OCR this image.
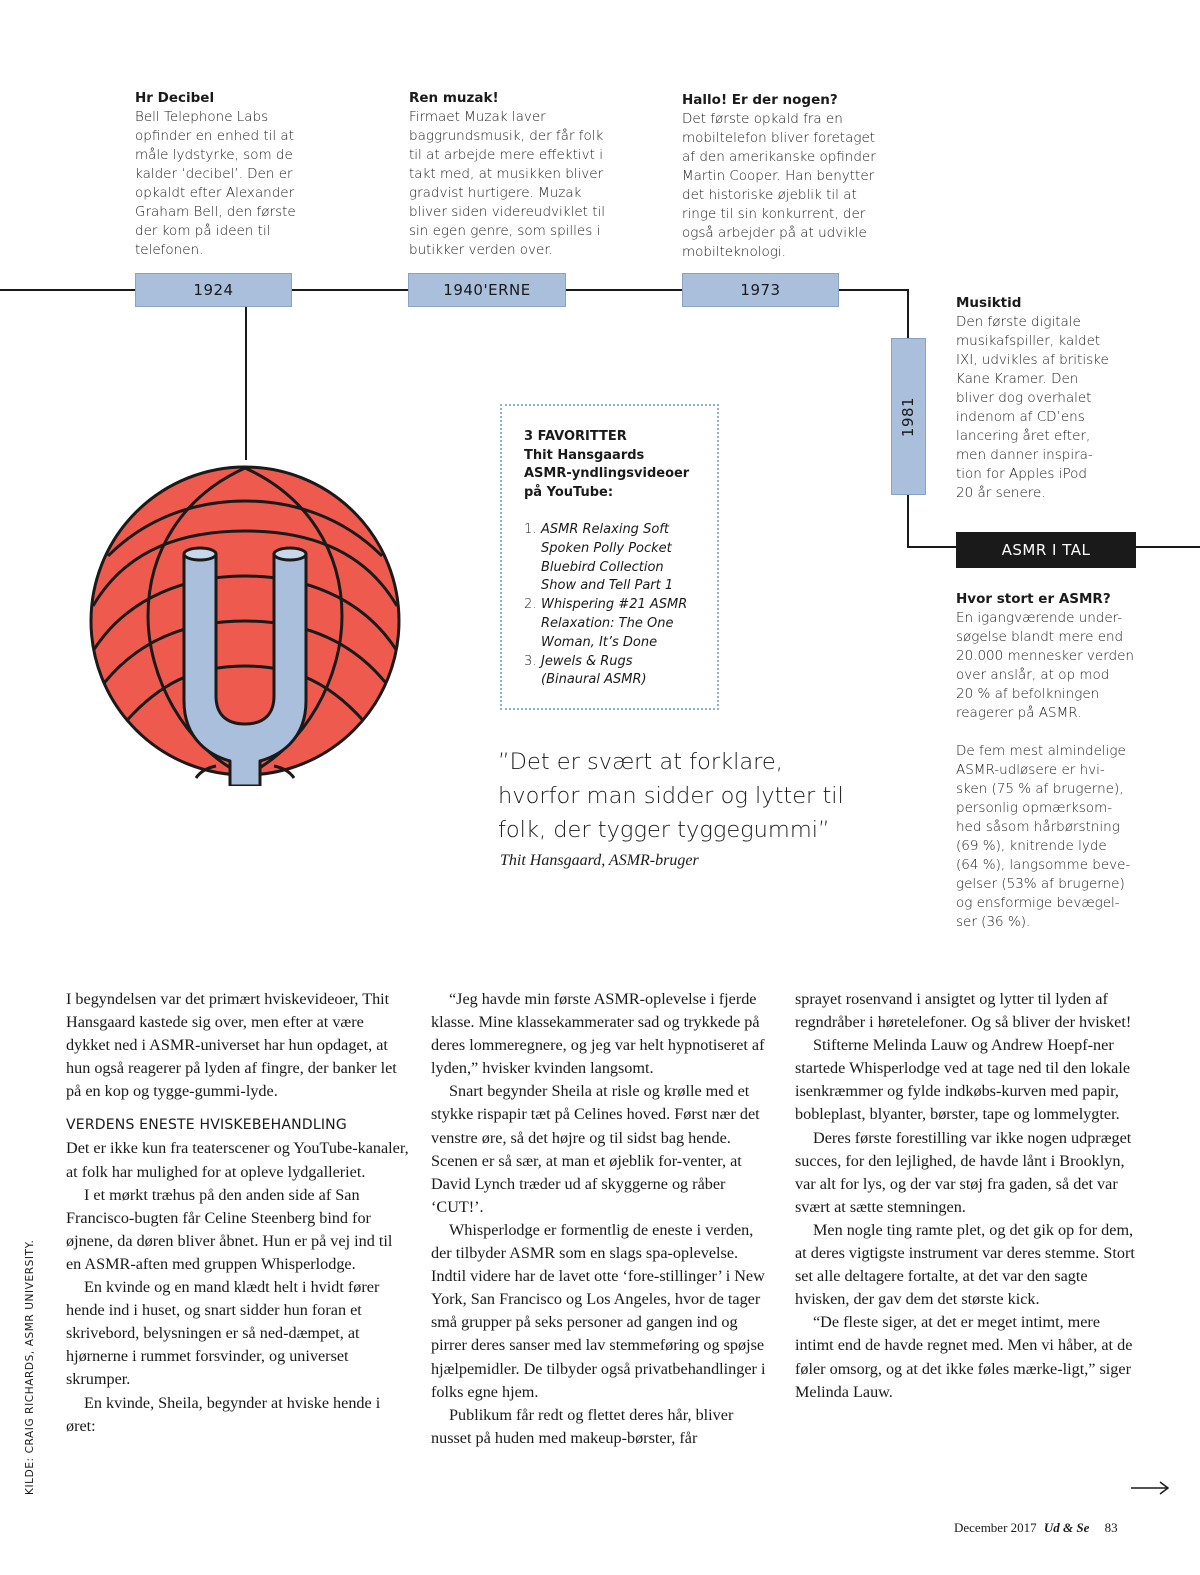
Hr Decibel

Bell Telephone Labs

opfinder en enhed til at

måle lydstyrke, som de

kalder ‘decibel’. Den er

opkaldt efter Alexander

Graham Bell, den første

der kom på ideen til

telefonen.

1924
Ren muzak!

Firmaet Muzak laver

baggrundsmusik, der får folk

til at arbejde mere effektivt i

takt med, at musikken bliver

gradvist hurtigere. Muzak

bliver siden videreudviklet til

sin egen genre, som spilles i

butikker verden over.

1940'ERNE
Hallo! Er der nogen?

Det første opkald fra en

mobiltelefon bliver foretaget

af den amerikanske opfinder

Martin Cooper. Han benytter

det historiske øjeblik til at

ringe til sin konkurrent, der

også arbejder på at udvikle

mobilteknologi.

1973
1981
Musiktid

Den første digitale

musikafspiller, kaldet

IXI, udvikles af britiske

Kane Kramer. Den

bliver dog overhalet

indenom af CD’ens

lancering året efter,

men danner inspira-

tion for Apples iPod

20 år senere.

ASMR I TAL
Hvor stort er ASMR?

En igangværende under-

søgelse blandt mere end

20.000 mennesker verden

over anslår, at op mod

20 % af befolkningen

reagerer på ASMR.

De fem mest almindelige

ASMR-udløsere er hvi-

sken (75 % af brugerne),

personlig opmærksom-

hed såsom hårbørstning

(69 %), knitrende lyde

(64 %), langsomme beve-

gelser (53% af brugerne)

og ensformige bevægel-

ser (36 %).

3 FAVORITTER
Thit Hansgaards
ASMR-yndlingsvideoer
på YouTube:
1. ASMR Relaxing Soft
Spoken Polly Pocket
Bluebird Collection
Show and Tell Part 1
2. Whispering #21 ASMR
Relaxation: The One
Woman, It’s Done
3. Jewels & Rugs
(Binaural ASMR)
”Det er svært at forklare,
hvorfor man sidder og lytter til
folk, der tygger tyggegummi”
Thit Hansgaard, ASMR-bruger

I begyndelsen var det primært hviskevideoer, Thit Hansgaard kastede sig over, men efter at være dykket ned i ASMR-universet har hun opdaget, at hun også reagerer på lyden af fingre, der banker let på en kop og tygge-gummi-lyde.

VERDENS ENESTE HVISKEBEHANDLING

Det er ikke kun fra teaterscener og YouTube-kanaler, at folk har mulighed for at opleve lydgalleriet.

I et mørkt træhus på den anden side af San Francisco-bugten får Celine Steenberg bind for øjnene, da døren bliver åbnet. Hun er på vej ind til en ASMR-aften med gruppen Whisperlodge.

En kvinde og en mand klædt helt i hvidt fører hende ind i huset, og snart sidder hun foran et skrivebord, belysningen er så ned-dæmpet, at hjørnerne i rummet forsvinder, og universet skrumper.

En kvinde, Sheila, begynder at hviske hende i øret:

“Jeg havde min første ASMR-oplevelse i fjerde klasse. Mine klassekammerater sad og trykkede på deres lommeregnere, og jeg var helt hypnotiseret af lyden,” hvisker kvinden langsomt.

Snart begynder Sheila at risle og krølle med et stykke rispapir tæt på Celines hoved. Først nær det venstre øre, så det højre og til sidst bag hende. Scenen er så sær, at man et øjeblik for-venter, at David Lynch træder ud af skyggerne og råber ‘CUT!’.

Whisperlodge er formentlig de eneste i verden, der tilbyder ASMR som en slags spa-oplevelse. Indtil videre har de lavet otte ‘fore-stillinger’ i New York, San Francisco og Los Angeles, hvor de tager små grupper på seks personer ad gangen ind og pirrer deres sanser med lav stemmeføring og spøjse hjælpemidler. De tilbyder også privatbehandlinger i folks egne hjem.

Publikum får redt og flettet deres hår, bliver nusset på huden med makeup-børster, får

sprayet rosenvand i ansigtet og lytter til lyden af regndråber i høretelefoner. Og så bliver der hvisket!

Stifterne Melinda Lauw og Andrew Hoepf-ner startede Whisperlodge ved at tage ned til den lokale isenkræmmer og fylde indkøbs-kurven med papir, bobleplast, blyanter, børster, tape og lommelygter.

Deres første forestilling var ikke nogen udpræget succes, for den lejlighed, de havde lånt i Brooklyn, var alt for lys, og der var støj fra gaden, så det var svært at sætte stemningen.

Men nogle ting ramte plet, og det gik op for dem, at deres vigtigste instrument var deres stemme. Stort set alle deltagere fortalte, at det var den sagte hvisken, der gav dem det største kick.

“De fleste siger, at det er meget intimt, mere intimt end de havde regnet med. Men vi håber, at de føler omsorg, og at det ikke føles mærke-ligt,” siger Melinda Lauw.

KILDE: CRAIG RICHARDS, ASMR UNIVERSITY.
December 2017 Ud & Se 83
